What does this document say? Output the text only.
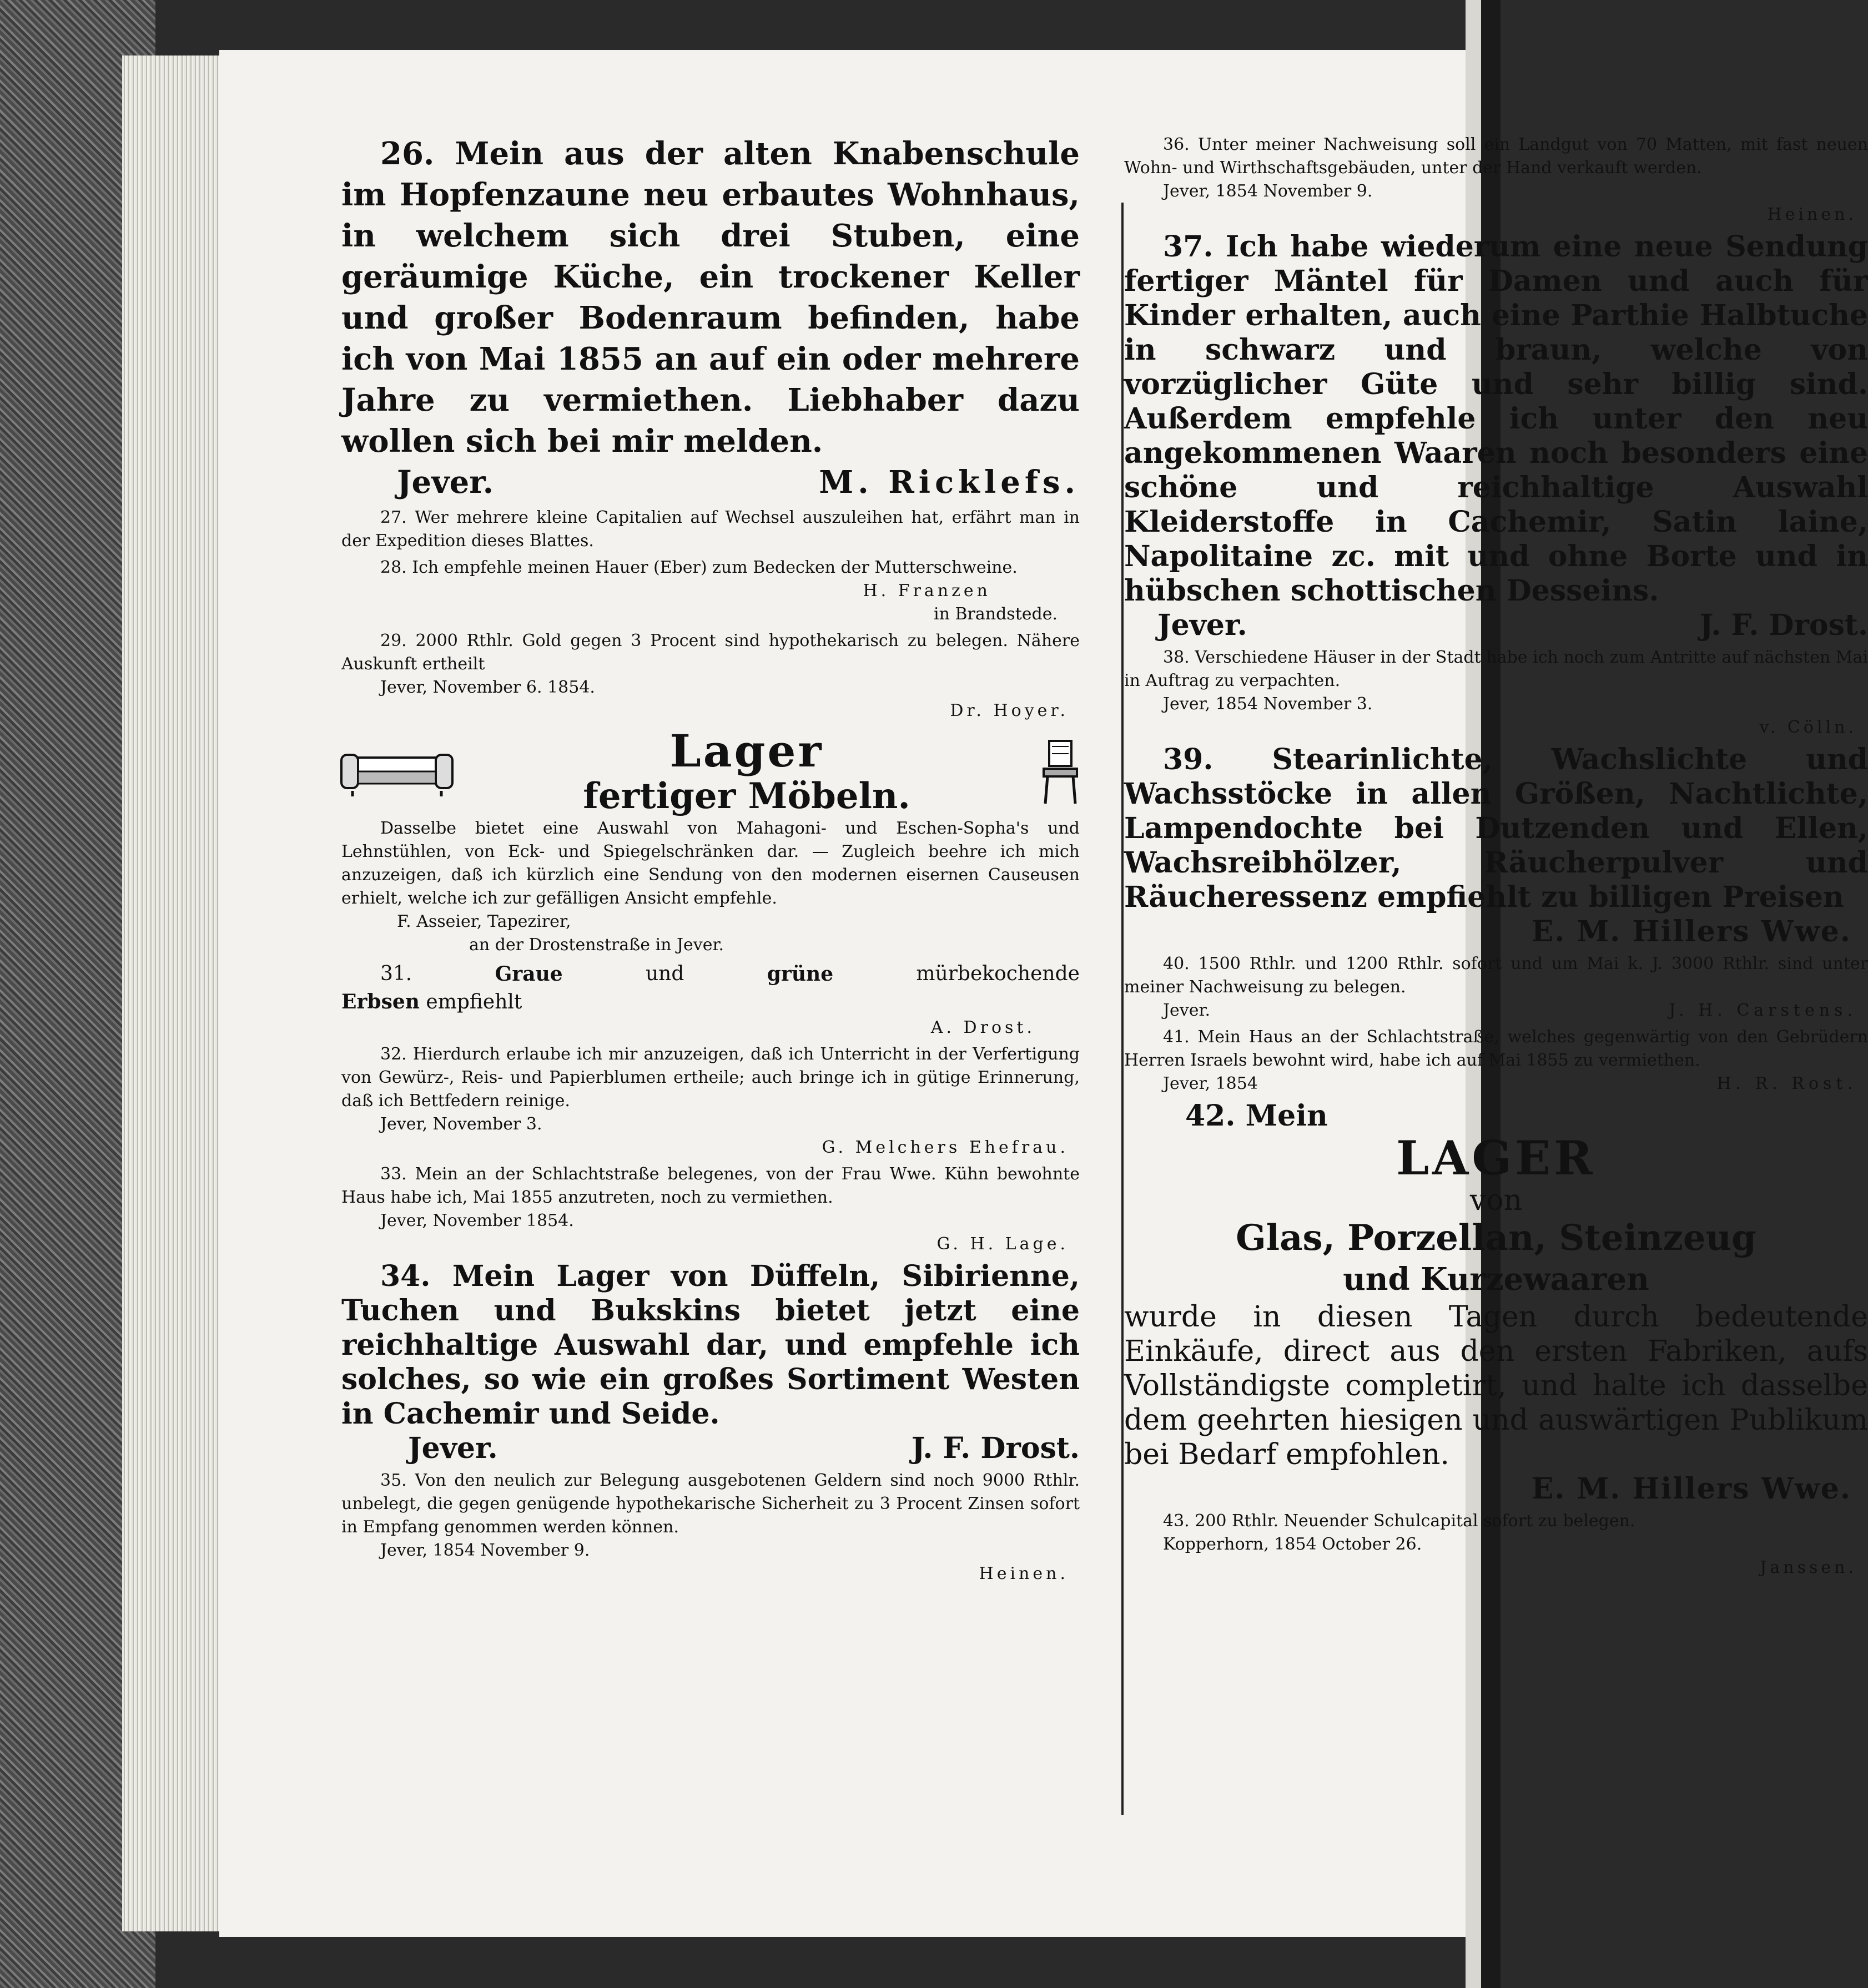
26. Mein aus der alten Knabenschule im Hopfenzaune neu erbautes Wohnhaus, in welchem sich drei Stuben, eine geräumige Küche, ein trockener Keller und großer Bodenraum befinden, habe ich von Mai 1855 an auf ein oder mehrere Jahre zu vermiethen. Liebhaber dazu wollen sich bei mir melden.

Jever.	M. Ricklefs.

27. Wer mehrere kleine Capitalien auf Wechsel auszuleihen hat, erfährt man in der Expedition dieses Blattes.

28. Ich empfehle meinen Hauer (Eber) zum Bedecken der Mutterschweine.

H. Franzen

in Brandstede.

29. 2000 Rthlr. Gold gegen 3 Procent sind hypothekarisch zu belegen. Nähere Auskunft ertheilt

Jever, November 6. 1854.

Dr. Hoyer.

Lager
fertiger Möbeln.

Dasselbe bietet eine Auswahl von Mahagoni- und Eschen-Sopha's und Lehnstühlen, von Eck- und Spiegelschränken dar. — Zugleich beehre ich mich anzuzeigen, daß ich kürzlich eine Sendung von den modernen eisernen Causeusen erhielt, welche ich zur gefälligen Ansicht empfehle.

F. Asseier, Tapezirer,

an der Drostenstraße in Jever.

31.	Graue	und	grüne	mürbekochende
Erbsen empfiehlt

A. Drost.

32. Hierdurch erlaube ich mir anzuzeigen, daß ich Unterricht in der Verfertigung von Gewürz-, Reis- und Papierblumen ertheile; auch bringe ich in gütige Erinnerung, daß ich Bettfedern reinige.

Jever, November 3.

G. Melchers Ehefrau.

33. Mein an der Schlachtstraße belegenes, von der Frau Wwe. Kühn bewohnte Haus habe ich, Mai 1855 anzutreten, noch zu vermiethen.

Jever, November 1854.

G. H. Lage.

34. Mein Lager von Düffeln, Sibirienne, Tuchen und Bukskins bietet jetzt eine reichhaltige Auswahl dar, und empfehle ich solches, so wie ein großes Sortiment Westen in Cachemir und Seide.

Jever.	J. F. Drost.

35. Von den neulich zur Belegung ausgebotenen Geldern sind noch 9000 Rthlr. unbelegt, die gegen genügende hypothekarische Sicherheit zu 3 Procent Zinsen sofort in Empfang genommen werden können.

Jever, 1854 November 9.

Heinen.

36. Unter meiner Nachweisung soll ein Landgut von 70 Matten, mit fast neuen Wohn- und Wirthschaftsgebäuden, unter der Hand verkauft werden.

Jever, 1854 November 9.

Heinen.

37. Ich habe wiederum eine neue Sendung fertiger Mäntel für Damen und auch für Kinder erhalten, auch eine Parthie Halbtuche in schwarz und braun, welche von vorzüglicher Güte und sehr billig sind. Außerdem empfehle ich unter den neu angekommenen Waaren noch besonders eine schöne und reichhaltige Auswahl Kleiderstoffe in Cachemir, Satin laine, Napolitaine zc. mit und ohne Borte und in hübschen schottischen Desseins.

Jever.	J. F. Drost.

38. Verschiedene Häuser in der Stadt habe ich noch zum Antritte auf nächsten Mai in Auftrag zu verpachten.

Jever, 1854 November 3.

v. Cölln.

39. Stearinlichte, Wachslichte und Wachsstöcke in allen Größen, Nachtlichte, Lampendochte bei Dutzenden und Ellen, Wachsreibhölzer, Räucherpulver und Räucheressenz empfiehlt zu billigen Preisen

E. M. Hillers Wwe.

40. 1500 Rthlr. und 1200 Rthlr. sofort und um Mai k. J. 3000 Rthlr. sind unter meiner Nachweisung zu belegen.

Jever.	J. H. Carstens.

41. Mein Haus an der Schlachtstraße, welches gegenwärtig von den Gebrüdern Herren Israels bewohnt wird, habe ich auf Mai 1855 zu vermiethen.

Jever, 1854	H. R. Rost.
42. Mein
LAGER
von
Glas, Porzellan, Steinzeug
und Kurzewaaren

wurde in diesen Tagen durch bedeutende Einkäufe, direct aus den ersten Fabriken, aufs Vollständigste completirt, und halte ich dasselbe dem geehrten hiesigen und auswärtigen Publikum bei Bedarf empfohlen.

E. M. Hillers Wwe.

43. 200 Rthlr. Neuender Schulcapital sofort zu belegen.

Kopperhorn, 1854 October 26.

Janssen.
